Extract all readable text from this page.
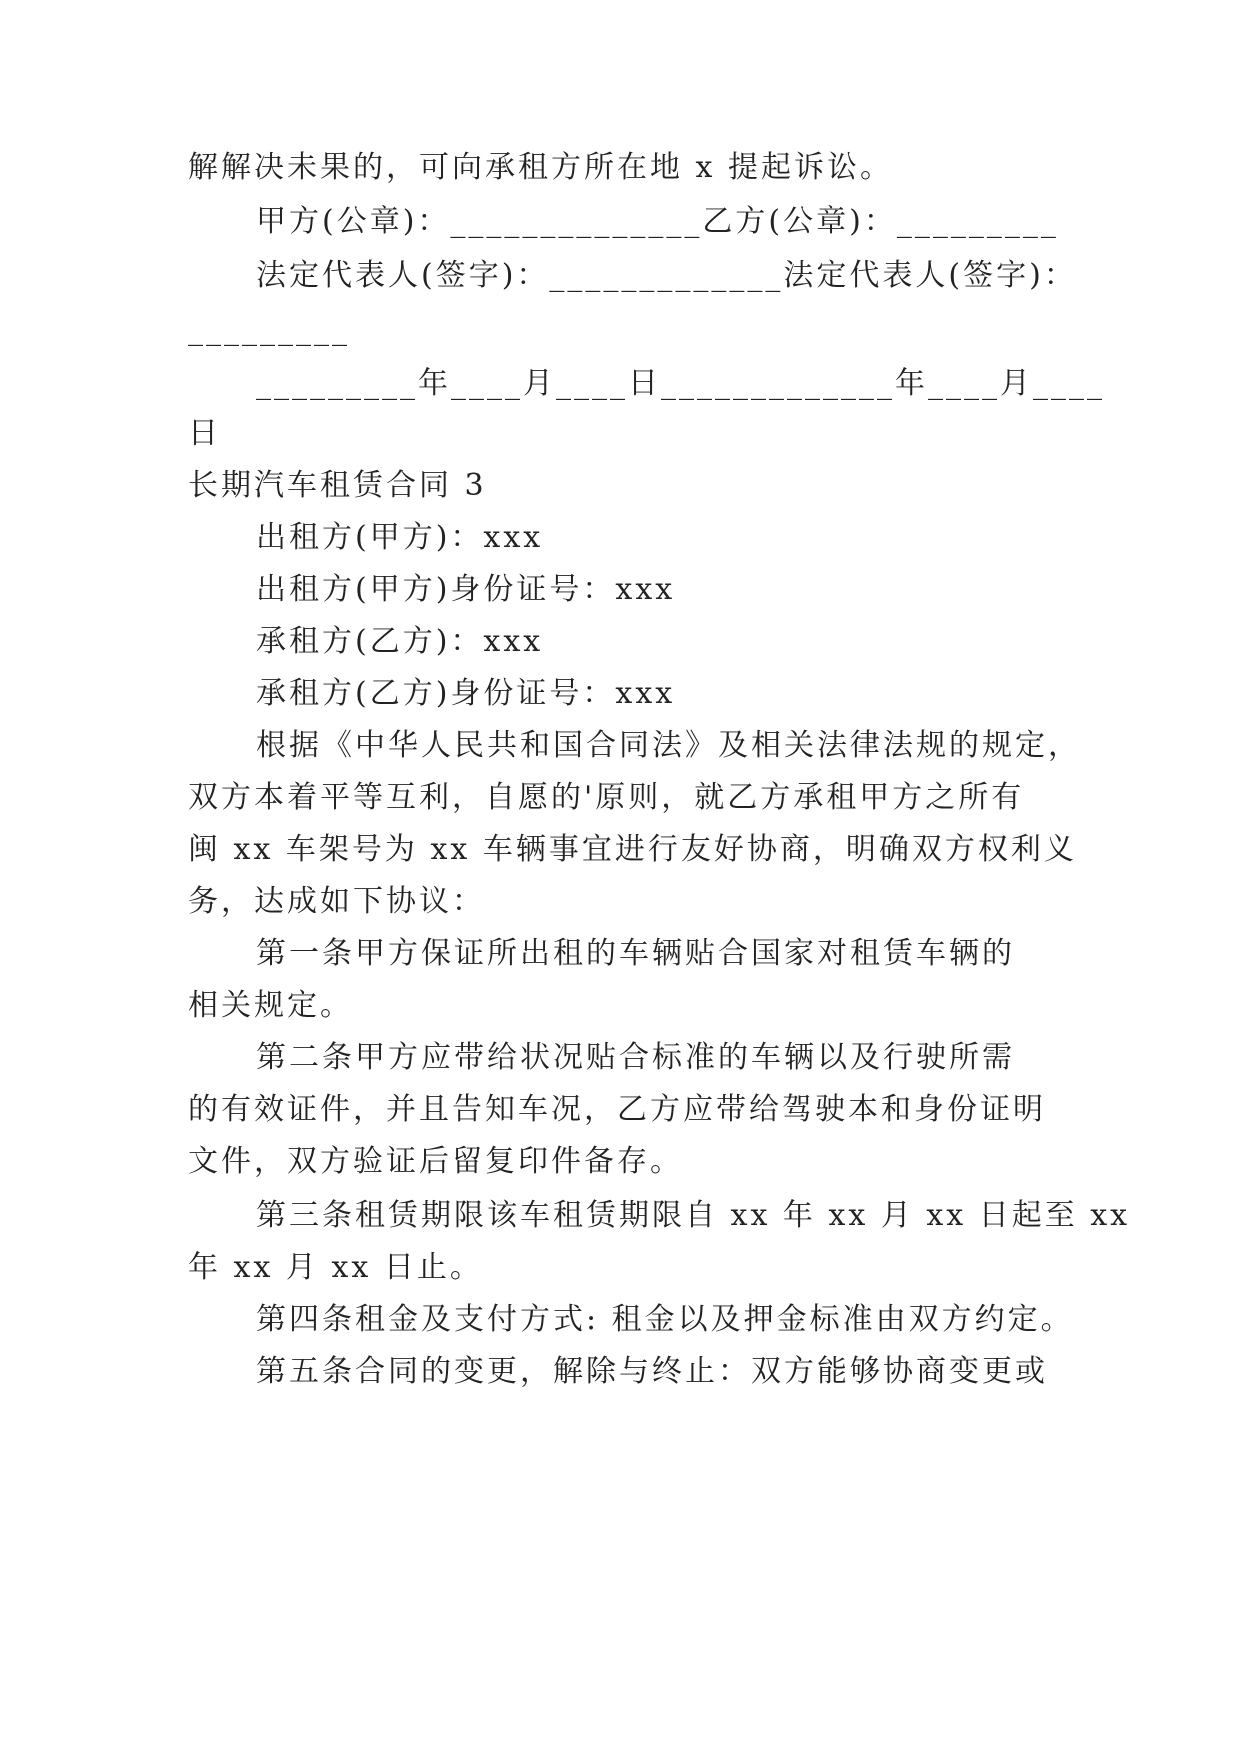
解解决未果的，可向承租方所在地 x 提起诉讼。
甲方(公章)：______________乙方(公章)：_________
法定代表人(签字)：_____________法定代表人(签字)：
_________
_________年____月____日_____________年____月____
日
长期汽车租赁合同 3
出租方(甲方)：xxx
出租方(甲方)身份证号：xxx
承租方(乙方)：xxx
承租方(乙方)身份证号：xxx
根据《中华人民共和国合同法》及相关法律法规的规定，
双方本着平等互利，自愿的'原则，就乙方承租甲方之所有
闽 xx 车架号为 xx 车辆事宜进行友好协商，明确双方权利义
务，达成如下协议：
第一条甲方保证所出租的车辆贴合国家对租赁车辆的
相关规定。
第二条甲方应带给状况贴合标准的车辆以及行驶所需
的有效证件，并且告知车况，乙方应带给驾驶本和身份证明
文件，双方验证后留复印件备存。
第三条租赁期限该车租赁期限自 xx 年 xx 月 xx 日起至 xx
年 xx 月 xx 日止。
第四条租金及支付方式: 租金以及押金标准由双方约定。
第五条合同的变更，解除与终止：双方能够协商变更或
